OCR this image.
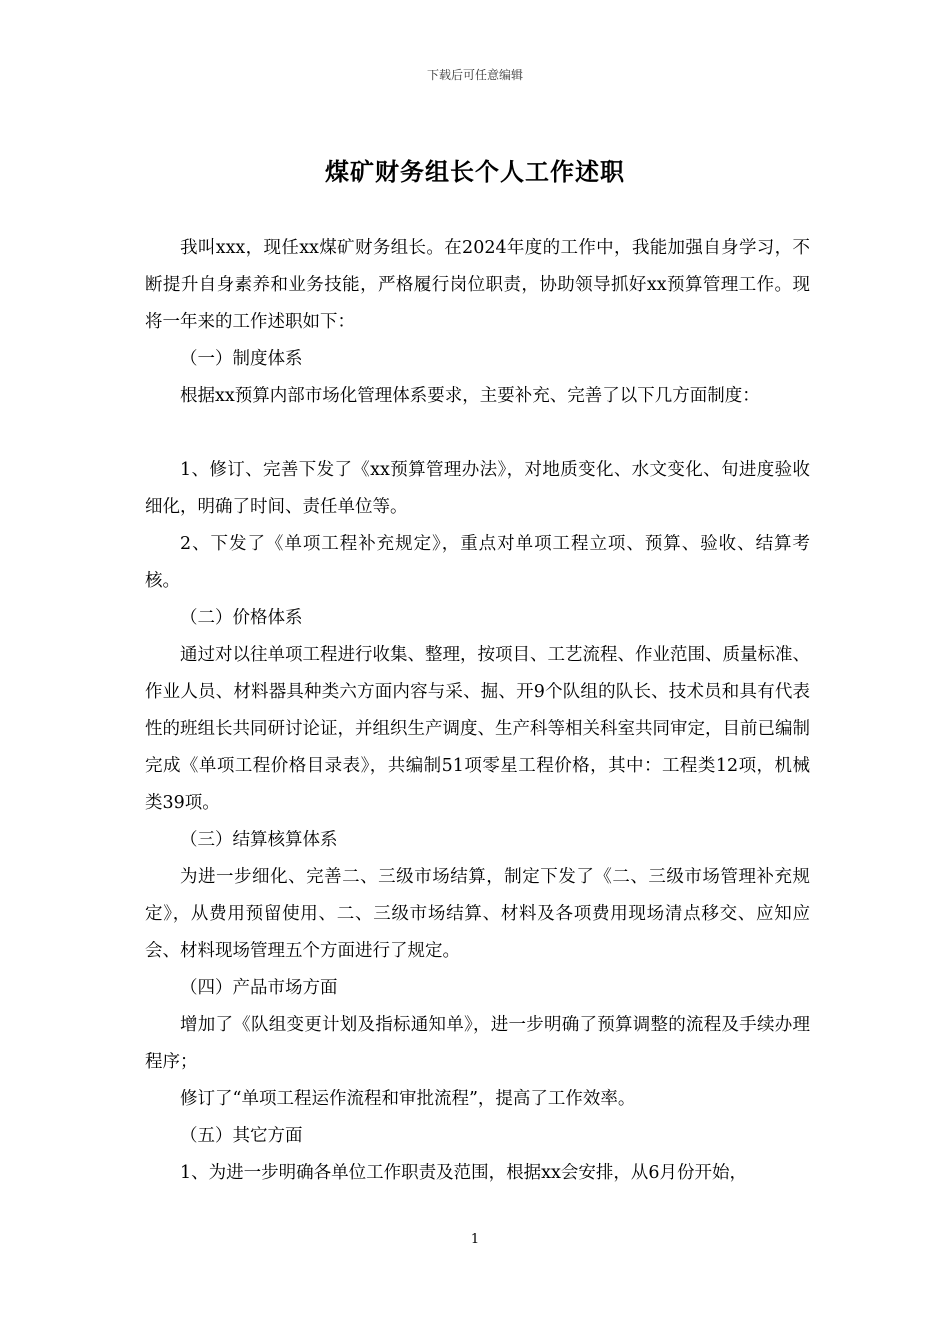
下载后可任意编辑
煤矿财务组长个人工作述职

我叫xxx，现任xx煤矿财务组长。在2024年度的工作中，我能加强自身学习，不断提升自身素养和业务技能，严格履行岗位职责，协助领导抓好xx预算管理工作。现将一年来的工作述职如下：

（一）制度体系

根据xx预算内部市场化管理体系要求，主要补充、完善了以下几方面制度：

1、修订、完善下发了《xx预算管理办法》，对地质变化、水文变化、旬进度验收细化，明确了时间、责任单位等。

2、下发了《单项工程补充规定》，重点对单项工程立项、预算、验收、结算考核。

（二）价格体系

通过对以往单项工程进行收集、整理，按项目、工艺流程、作业范围、质量标准、作业人员、材料器具种类六方面内容与采、掘、开9个队组的队长、技术员和具有代表性的班组长共同研讨论证，并组织生产调度、生产科等相关科室共同审定，目前已编制完成《单项工程价格目录表》，共编制51项零星工程价格，其中：工程类12项，机械类39项。

（三）结算核算体系

为进一步细化、完善二、三级市场结算，制定下发了《二、三级市场管理补充规定》，从费用预留使用、二、三级市场结算、材料及各项费用现场清点移交、应知应会、材料现场管理五个方面进行了规定。

（四）产品市场方面

增加了《队组变更计划及指标通知单》，进一步明确了预算调整的流程及手续办理程序；

修订了“单项工程运作流程和审批流程”，提高了工作效率。

（五）其它方面

1、为进一步明确各单位工作职责及范围，根据xx会安排，从6月份开始，

1
